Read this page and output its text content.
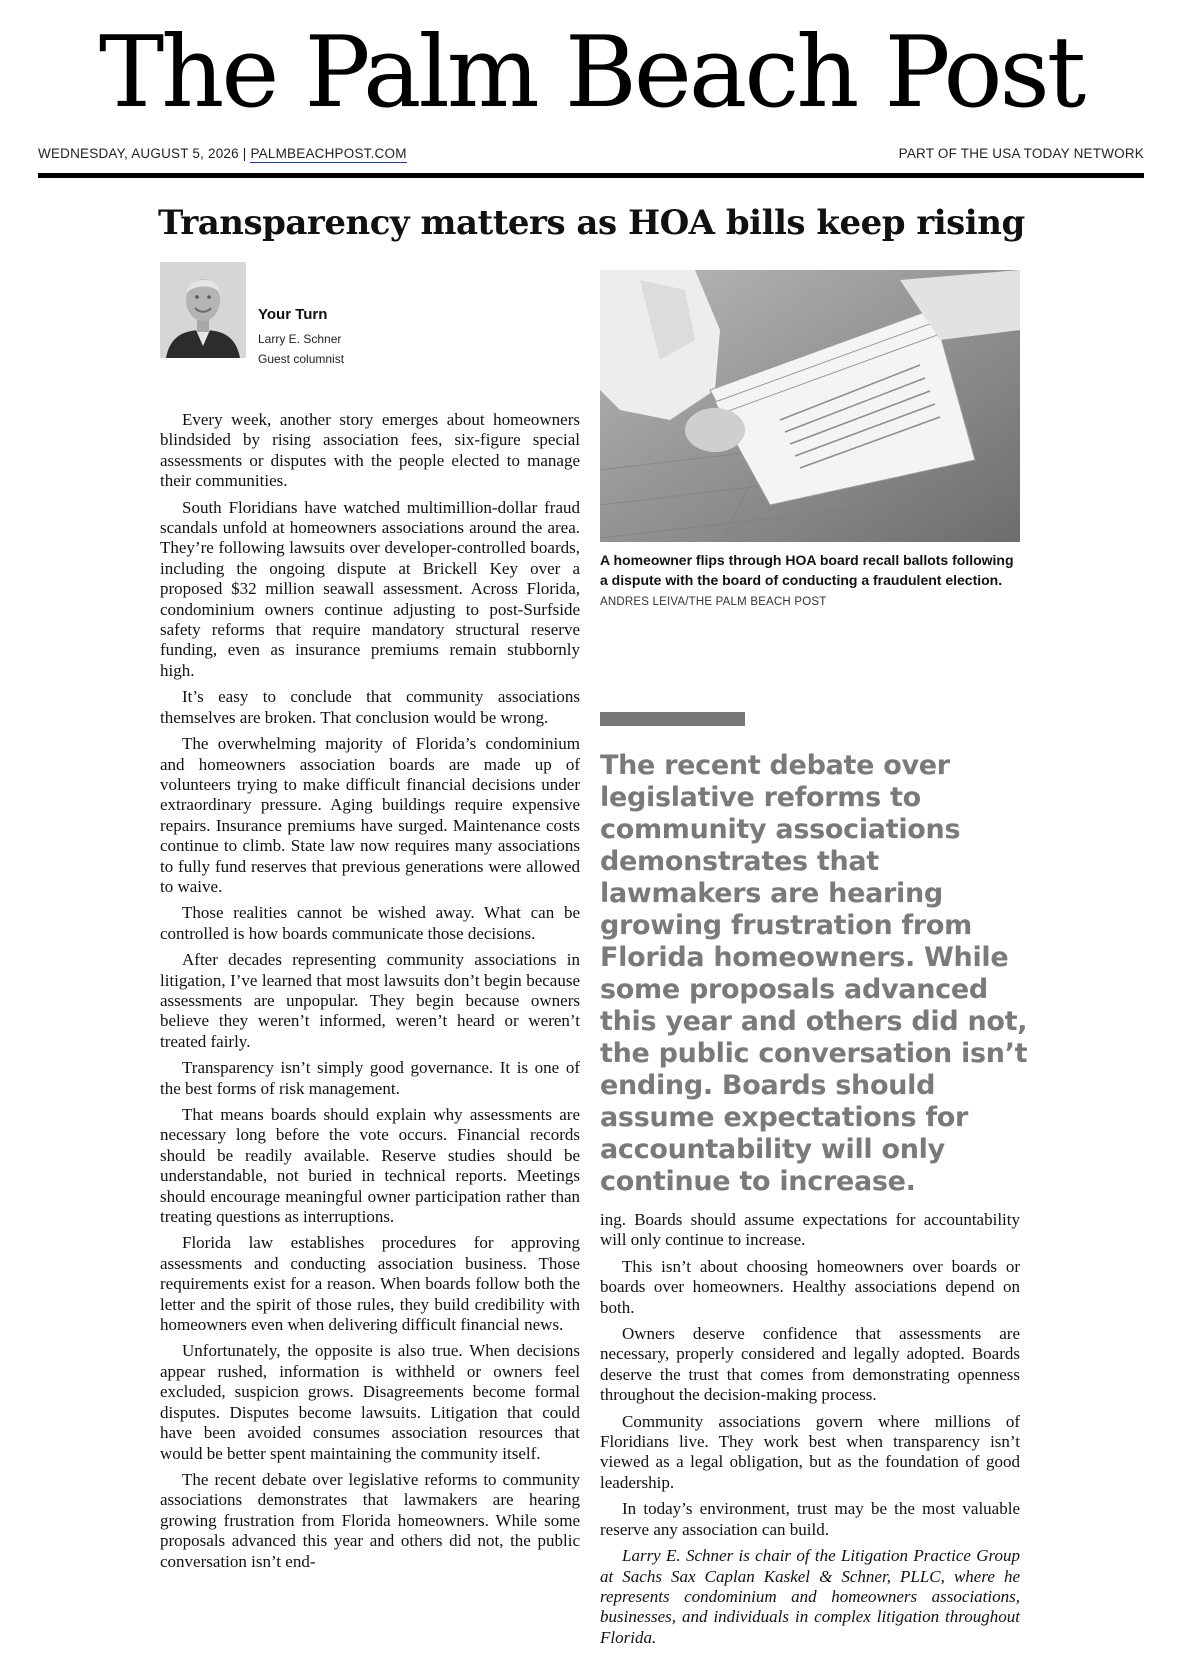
The Palm Beach Post
WEDNESDAY, AUGUST 5, 2026 | PALMBEACHPOST.COM	PART OF THE USA TODAY NETWORK
Transparency matters as HOA bills keep rising
Your Turn
Larry E. Schner
Guest columnist

Every week, another story emerges about homeowners blindsided by rising association fees, six-figure special assessments or disputes with the people elected to manage their communities.

South Floridians have watched multimillion-dollar fraud scandals unfold at homeowners associations around the area. They’re following lawsuits over developer-controlled boards, including the ongoing dispute at Brickell Key over a proposed $32 million seawall assessment. Across Florida, condominium owners continue adjusting to post-Surfside safety reforms that require mandatory structural reserve funding, even as insurance premiums remain stubbornly high.

It’s easy to conclude that community associations themselves are broken. That conclusion would be wrong.

The overwhelming majority of Florida’s condominium and homeowners association boards are made up of volunteers trying to make difficult financial decisions under extraordinary pressure. Aging buildings require expensive repairs. Insurance premiums have surged. Maintenance costs continue to climb. State law now requires many associations to fully fund reserves that previous generations were allowed to waive.

Those realities cannot be wished away. What can be controlled is how boards communicate those decisions.

After decades representing community associations in litigation, I’ve learned that most lawsuits don’t begin because assessments are unpopular. They begin because owners believe they weren’t informed, weren’t heard or weren’t treated fairly.

Transparency isn’t simply good governance. It is one of the best forms of risk management.

That means boards should explain why assessments are necessary long before the vote occurs. Financial records should be readily available. Reserve studies should be understandable, not buried in technical reports. Meetings should encourage meaningful owner participation rather than treating questions as interruptions.

Florida law establishes procedures for approving assessments and conducting association business. Those requirements exist for a reason. When boards follow both the letter and the spirit of those rules, they build credibility with homeowners even when delivering difficult financial news.

Unfortunately, the opposite is also true. When decisions appear rushed, information is withheld or owners feel excluded, suspicion grows. Disagreements become formal disputes. Disputes become lawsuits. Litigation that could have been avoided consumes association resources that would be better spent maintaining the community itself.

The recent debate over legislative reforms to community associations demonstrates that lawmakers are hearing growing frustration from Florida homeowners. While some proposals advanced this year and others did not, the public conversation isn’t end-

A homeowner flips through HOA board recall ballots following a dispute with the board of conducting a fraudulent election. ANDRES LEIVA/THE PALM BEACH POST
The recent debate over legislative reforms to community associations demonstrates that lawmakers are hearing growing frustration from Florida homeowners. While some proposals advanced this year and others did not, the public conversation isn’t ending. Boards should assume expectations for accountability will only continue to increase.

ing. Boards should assume expectations for accountability will only continue to increase.

This isn’t about choosing homeowners over boards or boards over homeowners. Healthy associations depend on both.

Owners deserve confidence that assessments are necessary, properly considered and legally adopted. Boards deserve the trust that comes from demonstrating openness throughout the decision-making process.

Community associations govern where millions of Floridians live. They work best when transparency isn’t viewed as a legal obligation, but as the foundation of good leadership.

In today’s environment, trust may be the most valuable reserve any association can build.

Larry E. Schner is chair of the Litigation Practice Group at Sachs Sax Caplan Kaskel & Schner, PLLC, where he represents condominium and homeowners associations, businesses, and individuals in complex litigation throughout Florida.
